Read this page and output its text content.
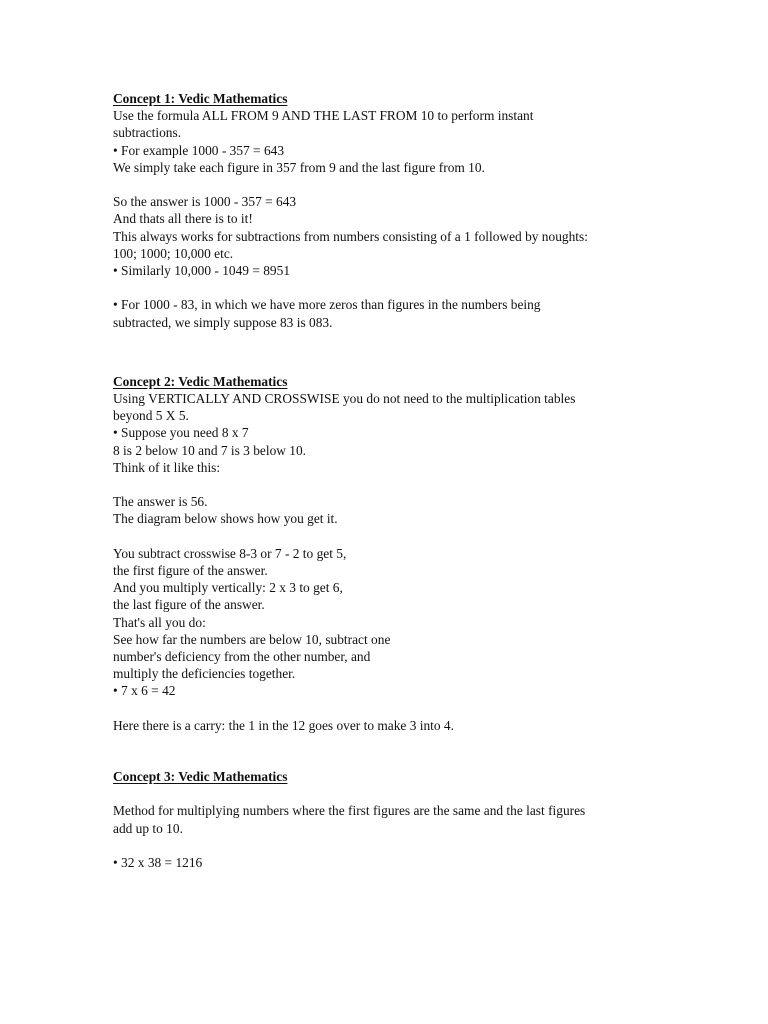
Concept 1: Vedic Mathematics
Use the formula ALL FROM 9 AND THE LAST FROM 10 to perform instant
subtractions.
• For example 1000 - 357 = 643
We simply take each figure in 357 from 9 and the last figure from 10.
So the answer is 1000 - 357 = 643
And thats all there is to it!
This always works for subtractions from numbers consisting of a 1 followed by noughts:
100; 1000; 10,000 etc.
• Similarly 10,000 - 1049 = 8951
• For 1000 - 83, in which we have more zeros than figures in the numbers being
subtracted, we simply suppose 83 is 083.
Concept 2: Vedic Mathematics
Using VERTICALLY AND CROSSWISE you do not need to the multiplication tables
beyond 5 X 5.
• Suppose you need 8 x 7
8 is 2 below 10 and 7 is 3 below 10.
Think of it like this:
The answer is 56.
The diagram below shows how you get it.
You subtract crosswise 8-3 or 7 - 2 to get 5,
the first figure of the answer.
And you multiply vertically: 2 x 3 to get 6,
the last figure of the answer.
That's all you do:
See how far the numbers are below 10, subtract one
number's deficiency from the other number, and
multiply the deficiencies together.
• 7 x 6 = 42
Here there is a carry: the 1 in the 12 goes over to make 3 into 4.
Concept 3: Vedic Mathematics
Method for multiplying numbers where the first figures are the same and the last figures
add up to 10.
• 32 x 38 = 1216
